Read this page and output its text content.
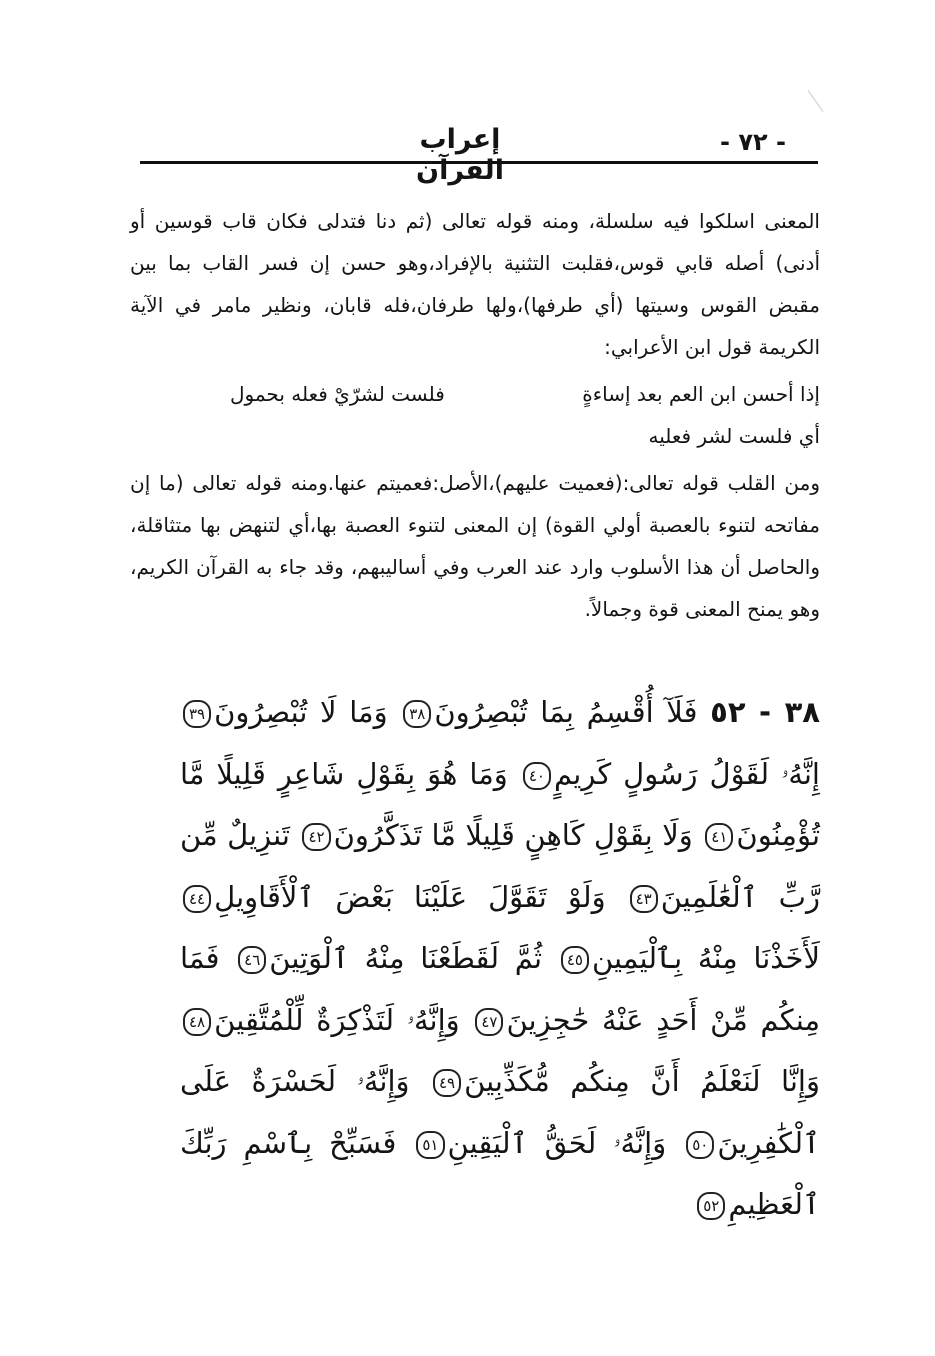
- ٧٢ -
إعراب القرآن
المعنى اسلكوا فيه سلسلة، ومنه قوله تعالى (ثم دنا فتدلى فكان قاب قوسين أو أدنى) أصله قابي قوس،فقلبت التثنية بالإفراد،وهو حسن إن فسر القاب بما بين مقبض القوس وسيتها (أي طرفها)،ولها طرفان،فله قابان، ونظير مامر في الآية الكريمة قول ابن الأعرابي:
إذا أحسن ابن العم بعد إساءةٍ
فلست لشرّيْ فعله بحمول
أي فلست لشر فعليه
ومن القلب قوله تعالى:(فعميت عليهم)،الأصل:فعميتم عنها.ومنه قوله تعالى (ما إن مفاتحه لتنوء بالعصبة أولي القوة) إن المعنى لتنوء العصبة بها،أي لتنهض بها متثاقلة، والحاصل أن هذا الأسلوب وارد عند العرب وفي أساليبهم، وقد جاء به القرآن الكريم، وهو يمنح المعنى قوة وجمالاً.
٣٨ - ٥٢ فَلَآ أُقْسِمُ بِمَا تُبْصِرُونَ٣٨ وَمَا لَا تُبْصِرُونَ٣٩ إِنَّهُۥ لَقَوْلُ رَسُولٍ كَرِيمٍ٤٠ وَمَا هُوَ بِقَوْلِ شَاعِرٍ قَلِيلًا مَّا تُؤْمِنُونَ٤١ وَلَا بِقَوْلِ كَاهِنٍ قَلِيلًا مَّا تَذَكَّرُونَ٤٢ تَنزِيلٌ مِّن رَّبِّ ٱلْعَٰلَمِينَ٤٣ وَلَوْ تَقَوَّلَ عَلَيْنَا بَعْضَ ٱلْأَقَاوِيلِ٤٤ لَأَخَذْنَا مِنْهُ بِٱلْيَمِينِ٤٥ ثُمَّ لَقَطَعْنَا مِنْهُ ٱلْوَتِينَ٤٦ فَمَا مِنكُم مِّنْ أَحَدٍ عَنْهُ حَٰجِزِينَ٤٧ وَإِنَّهُۥ لَتَذْكِرَةٌ لِّلْمُتَّقِينَ٤٨ وَإِنَّا لَنَعْلَمُ أَنَّ مِنكُم مُّكَذِّبِينَ٤٩ وَإِنَّهُۥ لَحَسْرَةٌ عَلَى ٱلْكَٰفِرِينَ٥٠ وَإِنَّهُۥ لَحَقُّ ٱلْيَقِينِ٥١ فَسَبِّحْ بِٱسْمِ رَبِّكَ ٱلْعَظِيمِ٥٢
